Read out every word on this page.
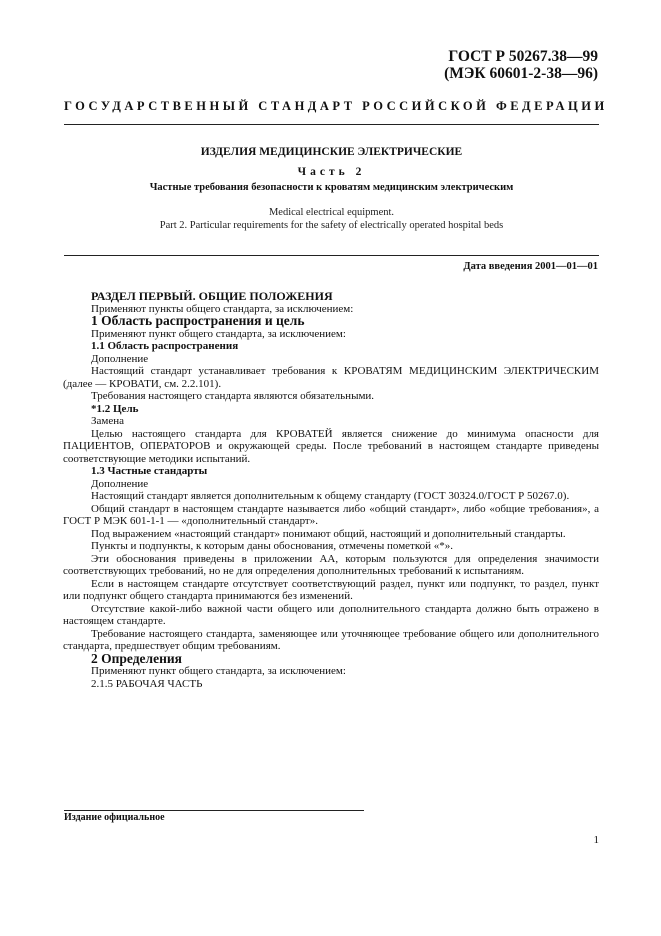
ГОСТ Р 50267.38—99
(МЭК 60601-2-38—96)
ГОСУДАРСТВЕННЫЙ СТАНДАРТ РОССИЙСКОЙ ФЕДЕРАЦИИ
ИЗДЕЛИЯ МЕДИЦИНСКИЕ ЭЛЕКТРИЧЕСКИЕ
Часть 2
Частные требования безопасности к кроватям медицинским электрическим
Medical electrical equipment.
Part 2. Particular requirements for the safety of electrically operated hospital beds
Дата введения 2001—01—01

РАЗДЕЛ ПЕРВЫЙ. ОБЩИЕ ПОЛОЖЕНИЯ

Применяют пункты общего стандарта, за исключением:

1 Область распространения и цель

Применяют пункт общего стандарта, за исключением:

1.1 Область распространения

Дополнение

Настоящий стандарт устанавливает требования к КРОВАТЯМ МЕДИЦИНСКИМ ЭЛЕКТРИЧЕСКИМ (далее — КРОВАТИ, см. 2.2.101).

Требования настоящего стандарта являются обязательными.

*1.2 Цель

Замена

Целью настоящего стандарта для КРОВАТЕЙ является снижение до минимума опасности для ПАЦИЕНТОВ, ОПЕРАТОРОВ и окружающей среды. После требований в настоящем стандарте приведены соответствующие методики испытаний.

1.3 Частные стандарты

Дополнение

Настоящий стандарт является дополнительным к общему стандарту (ГОСТ 30324.0/ГОСТ Р 50267.0).

Общий стандарт в настоящем стандарте называется либо «общий стандарт», либо «общие требования», а ГОСТ Р МЭК 601-1-1 — «дополнительный стандарт».

Под выражением «настоящий стандарт» понимают общий, настоящий и дополнительный стандарты.

Пункты и подпункты, к которым даны обоснования, отмечены пометкой «*».

Эти обоснования приведены в приложении АА, которым пользуются для определения значимости соответствующих требований, но не для определения дополнительных требований к испытаниям.

Если в настоящем стандарте отсутствует соответствующий раздел, пункт или подпункт, то раздел, пункт или подпункт общего стандарта принимаются без изменений.

Отсутствие какой-либо важной части общего или дополнительного стандарта должно быть отражено в настоящем стандарте.

Требование настоящего стандарта, заменяющее или уточняющее требование общего или дополнительного стандарта, предшествует общим требованиям.

2 Определения

Применяют пункт общего стандарта, за исключением:

2.1.5 РАБОЧАЯ ЧАСТЬ

Издание официальное
1
